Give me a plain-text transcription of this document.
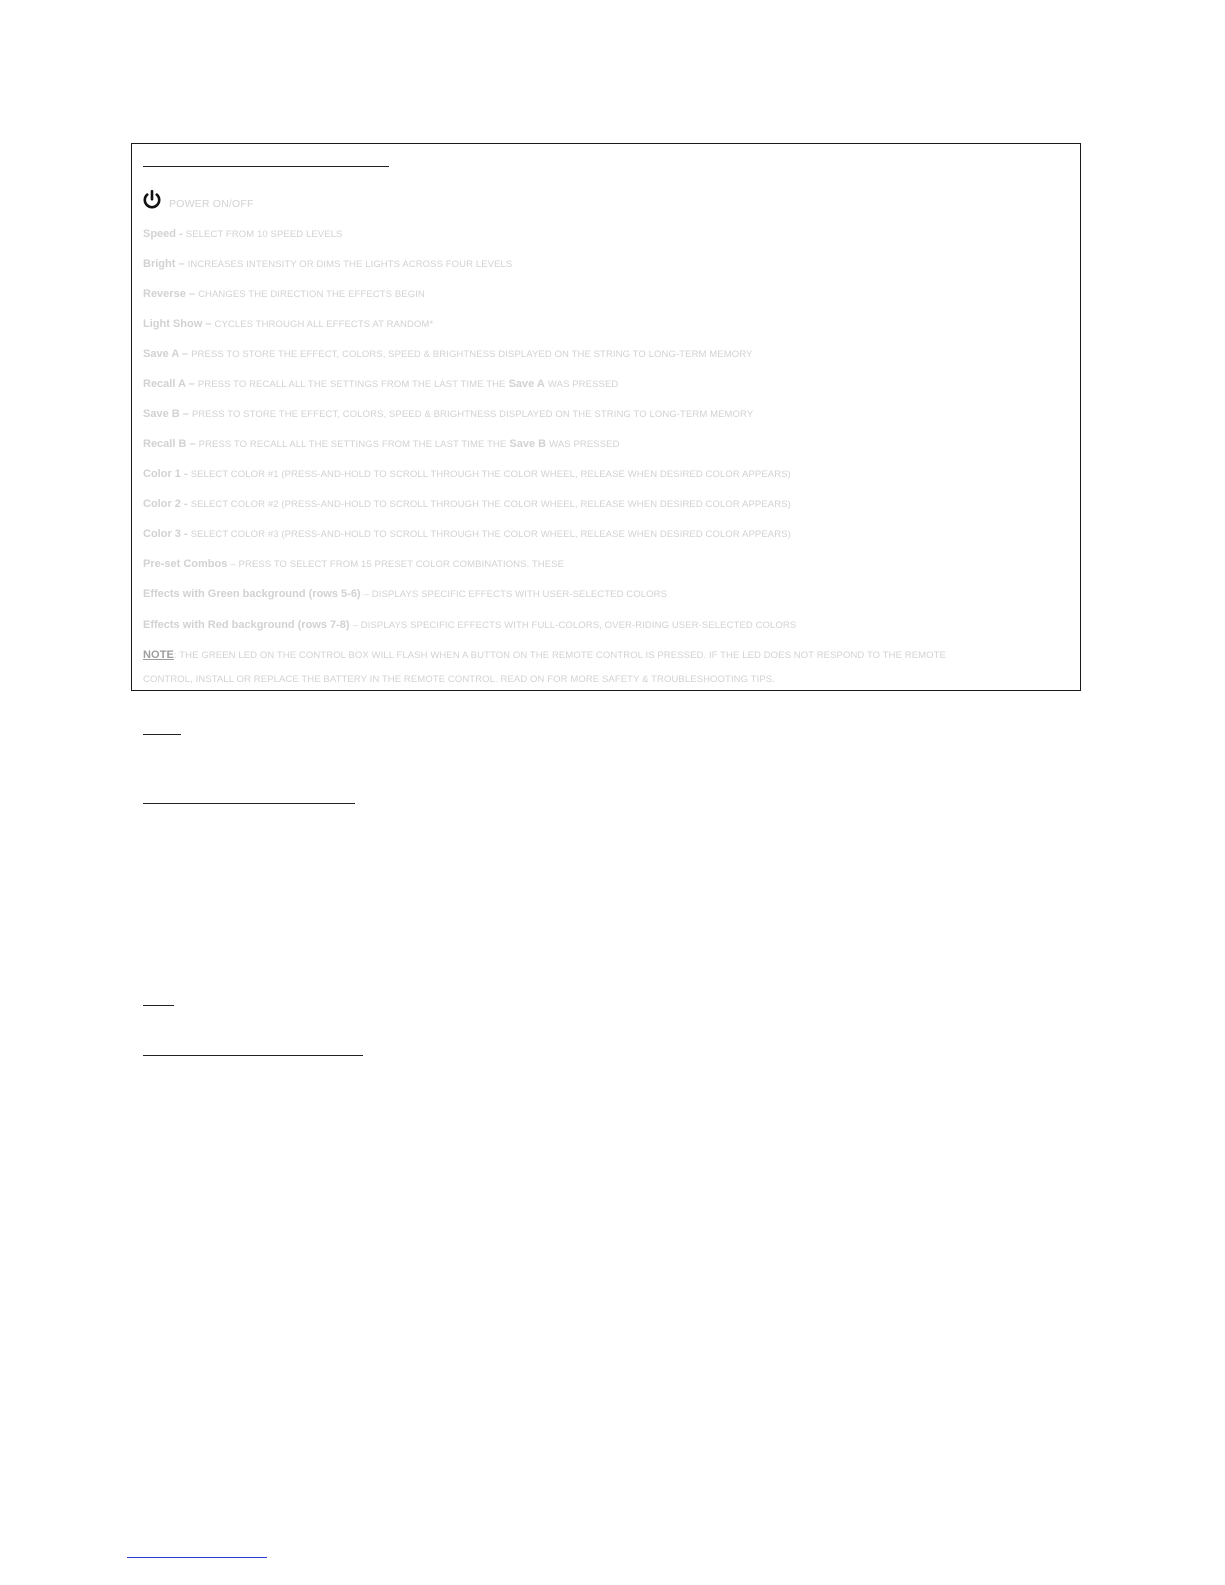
POWER ON/OFF
Speed - SELECT FROM 10 SPEED LEVELS
Bright – INCREASES INTENSITY OR DIMS THE LIGHTS ACROSS FOUR LEVELS
Reverse – CHANGES THE DIRECTION THE EFFECTS BEGIN
Light Show – CYCLES THROUGH ALL EFFECTS AT RANDOM*
Save A – PRESS TO STORE THE EFFECT, COLORS, SPEED & BRIGHTNESS DISPLAYED ON THE STRING TO LONG-TERM MEMORY
Recall A – PRESS TO RECALL ALL THE SETTINGS FROM THE LAST TIME THE Save A WAS PRESSED
Save B – PRESS TO STORE THE EFFECT, COLORS, SPEED & BRIGHTNESS DISPLAYED ON THE STRING TO LONG-TERM MEMORY
Recall B – PRESS TO RECALL ALL THE SETTINGS FROM THE LAST TIME THE Save B WAS PRESSED
Color 1 - SELECT COLOR #1 (PRESS-AND-HOLD TO SCROLL THROUGH THE COLOR WHEEL, RELEASE WHEN DESIRED COLOR APPEARS)
Color 2 - SELECT COLOR #2 (PRESS-AND-HOLD TO SCROLL THROUGH THE COLOR WHEEL, RELEASE WHEN DESIRED COLOR APPEARS)
Color 3 - SELECT COLOR #3 (PRESS-AND-HOLD TO SCROLL THROUGH THE COLOR WHEEL, RELEASE WHEN DESIRED COLOR APPEARS)
Pre-set Combos – PRESS TO SELECT FROM 15 PRESET COLOR COMBINATIONS. THESE
Effects with Green background (rows 5-6) – DISPLAYS SPECIFIC EFFECTS WITH USER-SELECTED COLORS
Effects with Red background (rows 7-8) – DISPLAYS SPECIFIC EFFECTS WITH FULL-COLORS, OVER-RIDING USER-SELECTED COLORS
NOTE: THE GREEN LED ON THE CONTROL BOX WILL FLASH WHEN A BUTTON ON THE REMOTE CONTROL IS PRESSED. IF THE LED DOES NOT RESPOND TO THE REMOTE
CONTROL, INSTALL OR REPLACE THE BATTERY IN THE REMOTE CONTROL. READ ON FOR MORE SAFETY & TROUBLESHOOTING TIPS.
